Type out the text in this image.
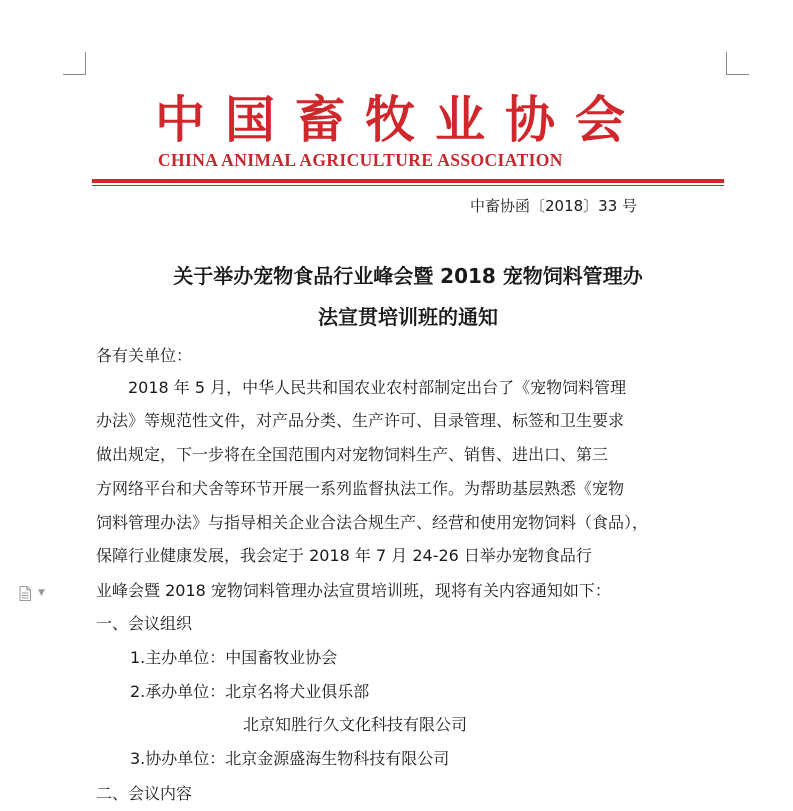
中国畜牧业协会
CHINA ANIMAL AGRICULTURE ASSOCIATION
中畜协函〔2018〕33 号
关于举办宠物食品行业峰会暨 2018 宠物饲料管理办
法宣贯培训班的通知
各有关单位：
2018 年 5 月，中华人民共和国农业农村部制定出台了《宠物饲料管理
办法》等规范性文件，对产品分类、生产许可、目录管理、标签和卫生要求
做出规定，下一步将在全国范围内对宠物饲料生产、销售、进出口、第三
方网络平台和犬舍等环节开展一系列监督执法工作。为帮助基层熟悉《宠物
饲料管理办法》与指导相关企业合法合规生产、经营和使用宠物饲料（食品），
保障行业健康发展，我会定于 2018 年 7 月 24-26 日举办宠物食品行
业峰会暨 2018 宠物饲料管理办法宣贯培训班，现将有关内容通知如下：
▼
一、会议组织
1.主办单位：中国畜牧业协会
2.承办单位：北京名将犬业俱乐部
北京知胜行久文化科技有限公司
3.协办单位：北京金源盛海生物科技有限公司
二、会议内容
